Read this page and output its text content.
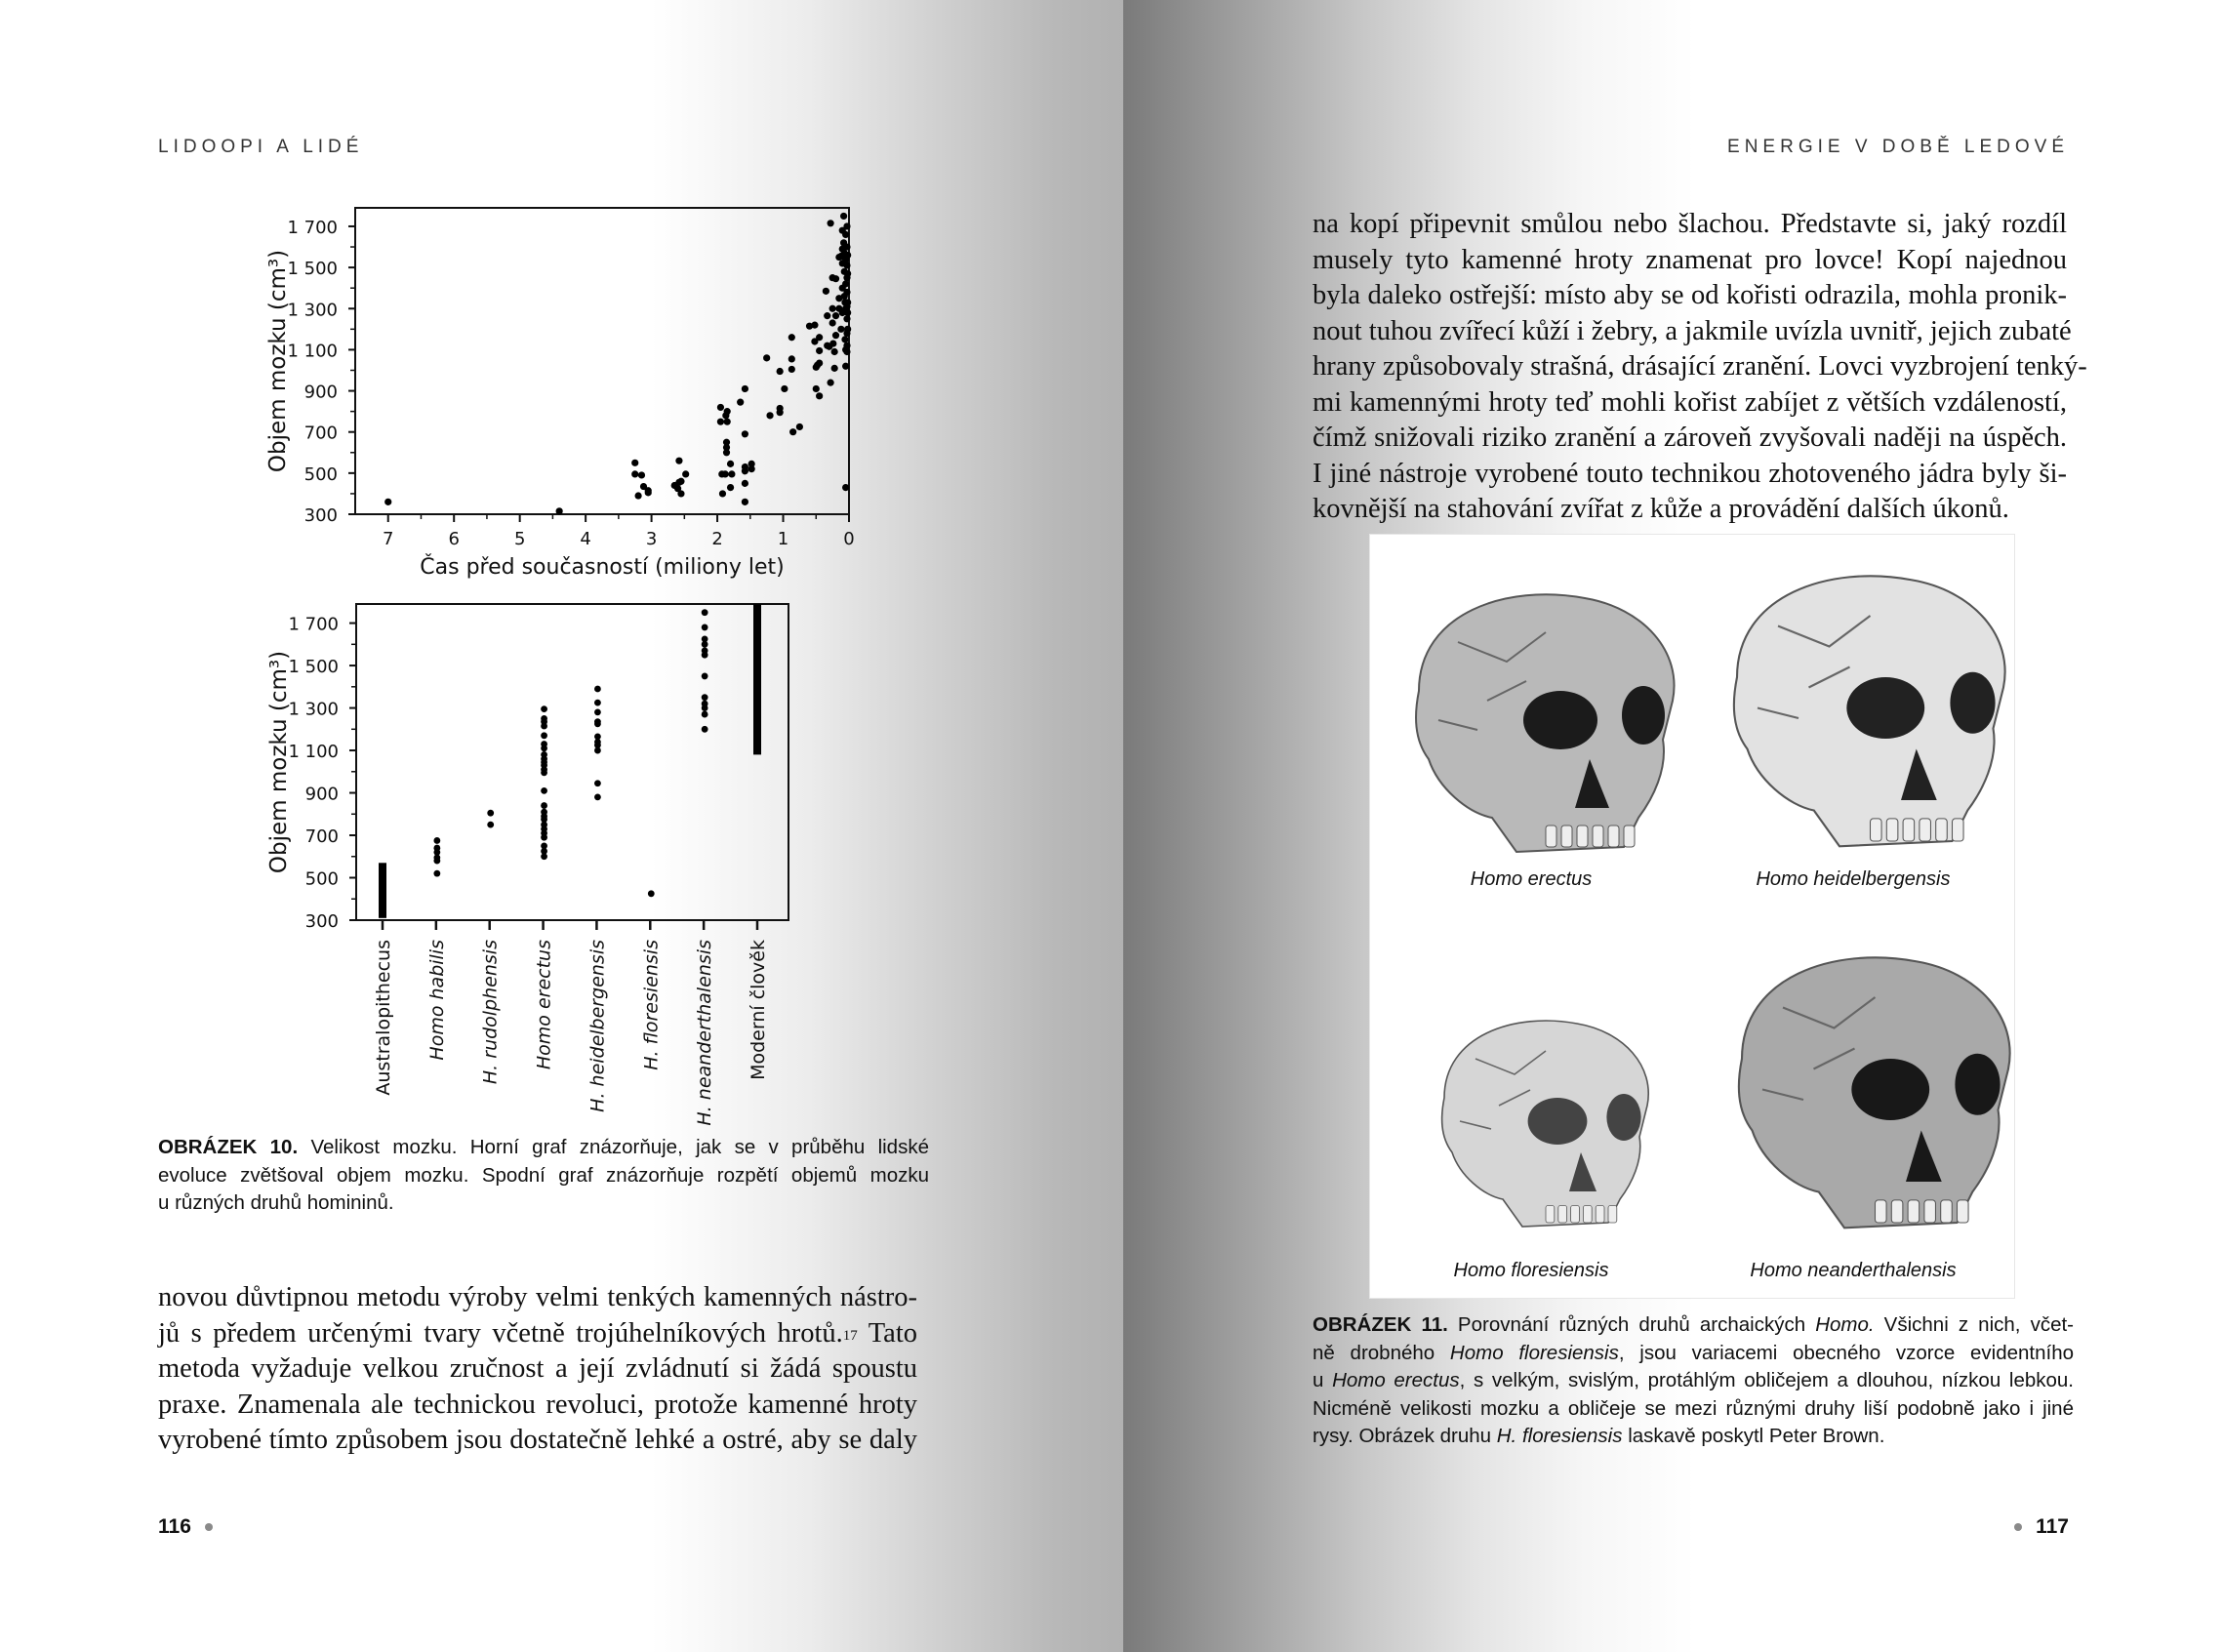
LIDOOPI A LIDÉ
300
500
700
900
1 100
1 300
1 500
1 700
Objem mozku (cm³)
7	6	5	4	3	2	1	0
Čas před současností (miliony let)
300
500
700
900
1 100
1 300
1 500
1 700
Objem mozku (cm³)
Australopithecus Homo habilis H. rudolphensis Homo erectus H. heidelbergensis H. floresiensis H. neanderthalensis Moderní člověk
OBRÁZEK 10. Velikost mozku. Horní graf znázorňuje, jak se v průběhu lidské
evoluce zvětšoval objem mozku. Spodní graf znázorňuje rozpětí objemů mozku
u různých druhů homininů.
novou důvtipnou metodu výroby velmi tenkých kamenných nástro-
jů s předem určenými tvary včetně trojúhelníkových hrotů.$^{17}$ Tato
metoda vyžaduje velkou zručnost a její zvládnutí si žádá spoustu
praxe. Znamenala ale technickou revoluci, protože kamenné hroty
vyrobené tímto způsobem jsou dostatečně lehké a ostré, aby se daly
116
ENERGIE V DOBĚ LEDOVÉ
na kopí připevnit smůlou nebo šlachou. Představte si, jaký rozdíl
musely tyto kamenné hroty znamenat pro lovce! Kopí najednou
byla daleko ostřejší: místo aby se od kořisti odrazila, mohla pronik-
nout tuhou zvířecí kůží i žebry, a jakmile uvízla uvnitř, jejich zubaté
hrany způsobovaly strašná, drásající zranění. Lovci vyzbrojení tenký-
mi kamennými hroty teď mohli kořist zabíjet z větších vzdáleností,
čímž snižovali riziko zranění a zároveň zvyšovali naději na úspěch.
I jiné nástroje vyrobené touto technikou zhotoveného jádra byly ši-
kovnější na stahování zvířat z kůže a provádění dalších úkonů.
Homo erectus	Homo heidelbergensis
Homo floresiensis	Homo neanderthalensis
OBRÁZEK 11. Porovnání různých druhů archaických Homo. Všichni z nich, včet-
ně drobného Homo floresiensis, jsou variacemi obecného vzorce evidentního
u Homo erectus, s velkým, svislým, protáhlým obličejem a dlouhou, nízkou lebkou.
Nicméně velikosti mozku a obličeje se mezi různými druhy liší podobně jako i jiné
rysy. Obrázek druhu H. floresiensis laskavě poskytl Peter Brown.
117
